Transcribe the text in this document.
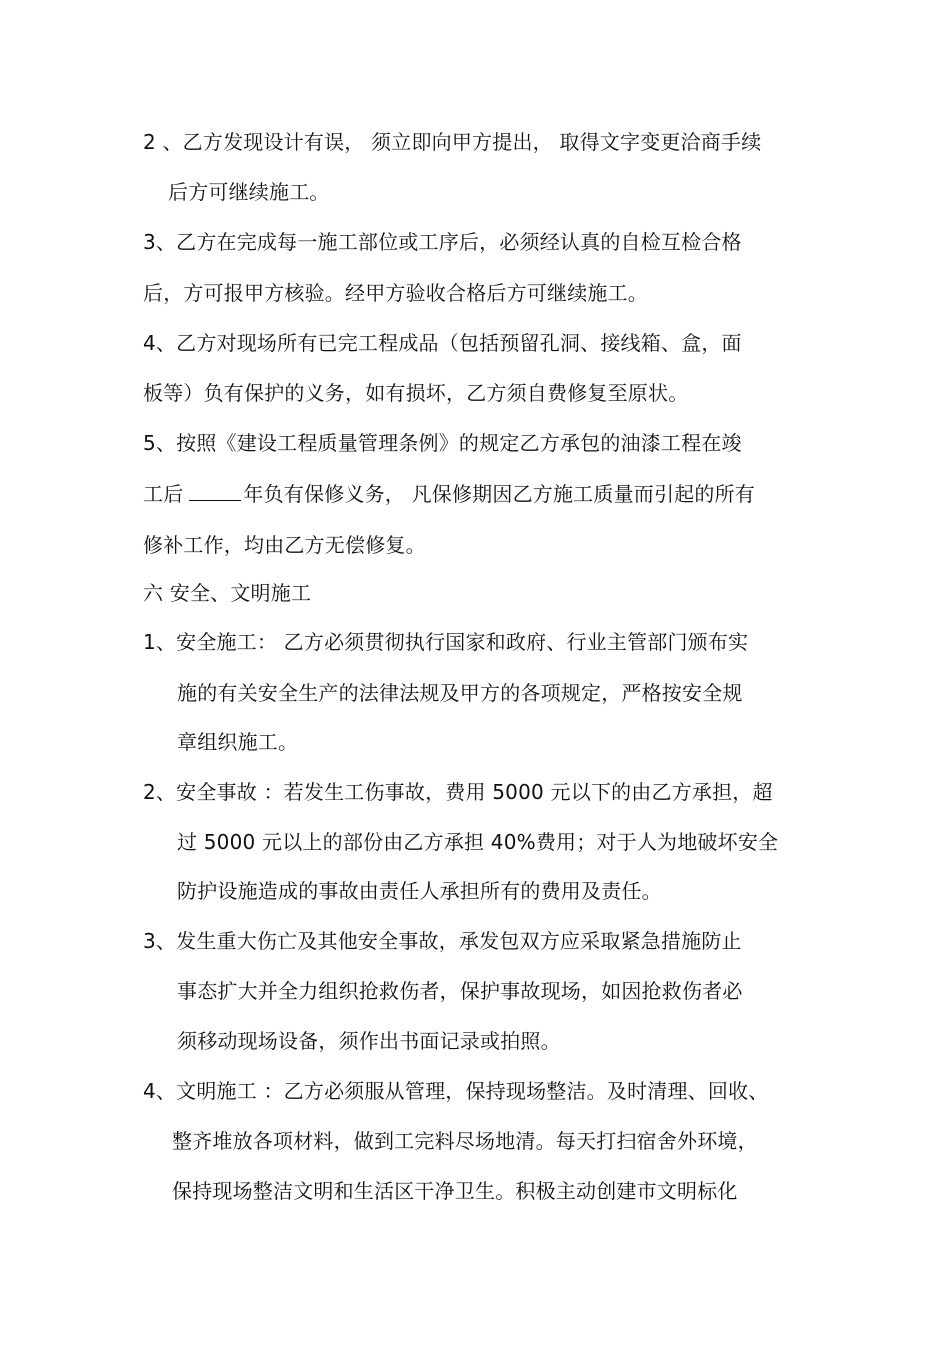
2 、乙方发现设计有误， 须立即向甲方提出， 取得文字变更洽商手续
后方可继续施工。
3、乙方在完成每一施工部位或工序后，必须经认真的自检互检合格
后，方可报甲方核验。经甲方验收合格后方可继续施工。
4、乙方对现场所有已完工程成品（包括预留孔洞、接线箱、盒，面
板等）负有保护的义务，如有损坏，乙方须自费修复至原状。
5、按照《建设工程质量管理条例》的规定乙方承包的油漆工程在竣
工后	年负有保修义务， 凡保修期因乙方施工质量而引起的所有
修补工作，均由乙方无偿修复。
六 安全、文明施工
1、安全施工： 乙方必须贯彻执行国家和政府、行业主管部门颁布实
施的有关安全生产的法律法规及甲方的各项规定，严格按安全规
章组织施工。
2、安全事故 ：若发生工伤事故，费用 5000 元以下的由乙方承担，超
过 5000 元以上的部份由乙方承担 40%费用；对于人为地破坏安全
防护设施造成的事故由责任人承担所有的费用及责任。
3、发生重大伤亡及其他安全事故，承发包双方应采取紧急措施防止
事态扩大并全力组织抢救伤者，保护事故现场，如因抢救伤者必
须移动现场设备，须作出书面记录或拍照。
4、文明施工 ：乙方必须服从管理，保持现场整洁。及时清理、回收、
整齐堆放各项材料，做到工完料尽场地清。每天打扫宿舍外环境，
保持现场整洁文明和生活区干净卫生。积极主动创建市文明标化
